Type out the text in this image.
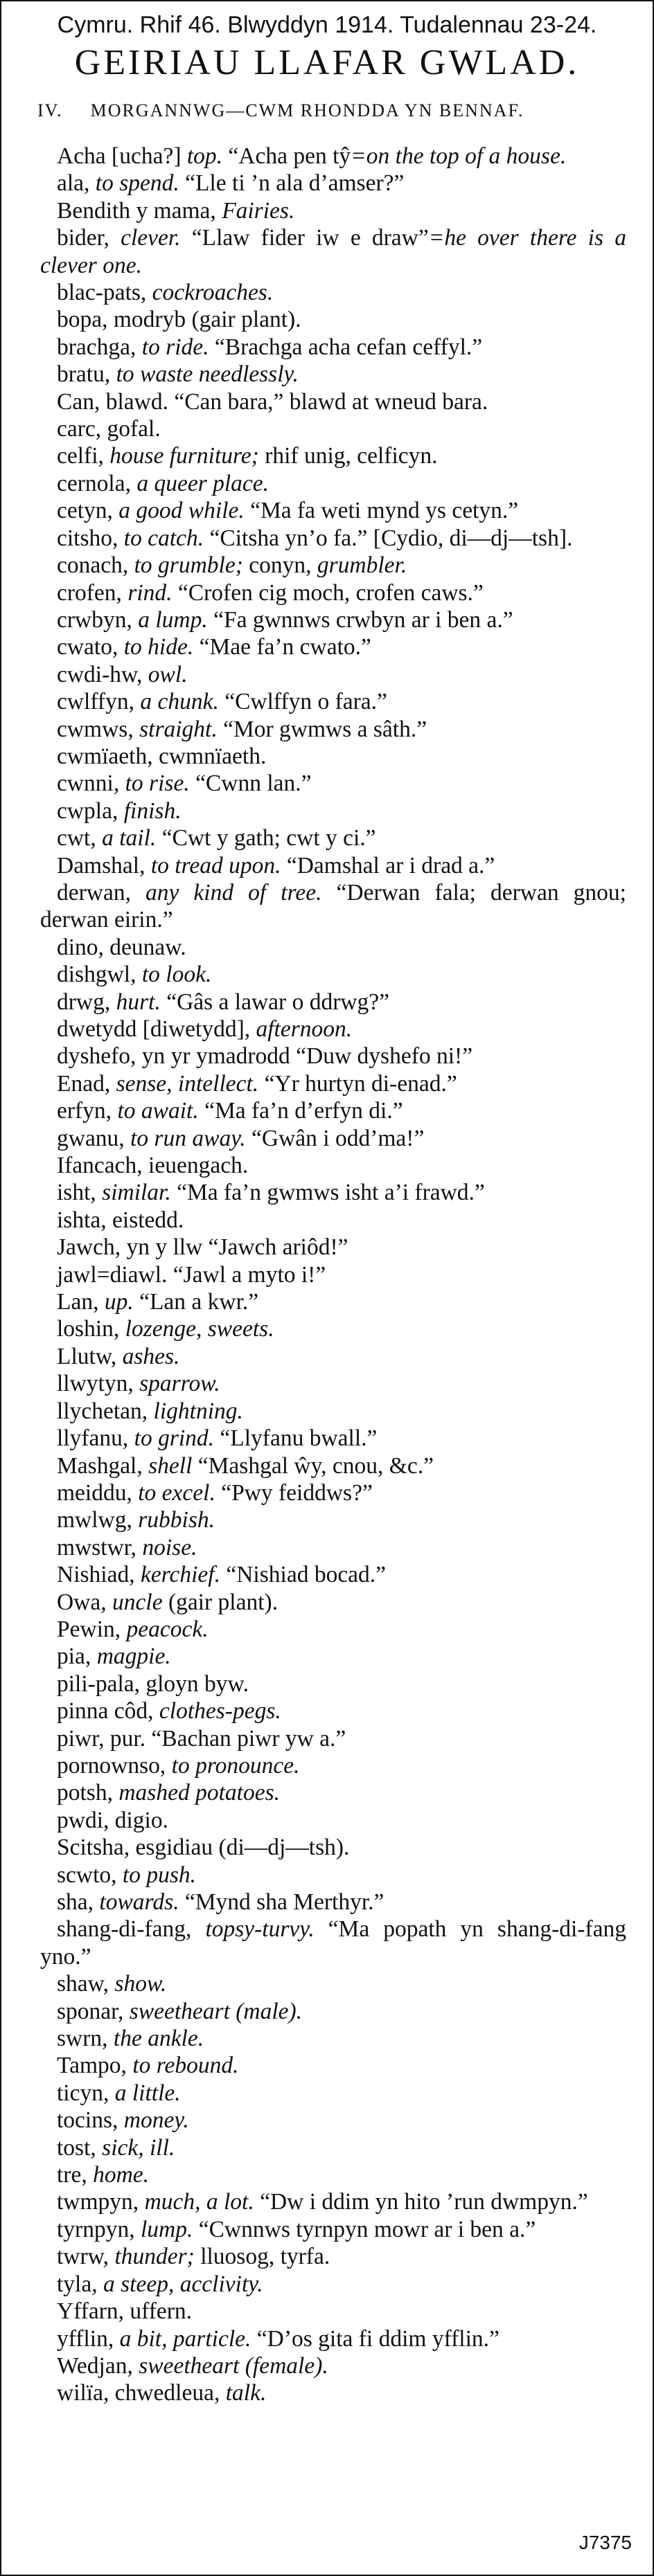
Cymru. Rhif 46. Blwyddyn 1914. Tudalennau 23-24.
GEIRIAU LLAFAR GWLAD.
IV. MORGANNWG—CWM RHONDDA YN BENNAF.
Acha [ucha?] top. “Acha pen tŷ=on the top of a house.
ala, to spend. “Lle ti ’n ala d’amser?”
Bendith y mama, Fairies.
bider, clever. “Llaw fider iw e draw”=he over there is a clever one.
blac-pats, cockroaches.
bopa, modryb (gair plant).
brachga, to ride. “Brachga acha cefan ceffyl.”
bratu, to waste needlessly.
Can, blawd. “Can bara,” blawd at wneud bara.
carc, gofal.
celfi, house furniture; rhif unig, celficyn.
cernola, a queer place.
cetyn, a good while. “Ma fa weti mynd ys cetyn.”
citsho, to catch. “Citsha yn’o fa.” [Cydio, di—dj—tsh].
conach, to grumble; conyn, grumbler.
crofen, rind. “Crofen cig moch, crofen caws.”
crwbyn, a lump. “Fa gwnnws crwbyn ar i ben a.”
cwato, to hide. “Mae fa’n cwato.”
cwdi-hw, owl.
cwlffyn, a chunk. “Cwlffyn o fara.”
cwmws, straight. “Mor gwmws a sâth.”
cwmïaeth, cwmnïaeth.
cwnni, to rise. “Cwnn lan.”
cwpla, finish.
cwt, a tail. “Cwt y gath; cwt y ci.”
Damshal, to tread upon. “Damshal ar i drad a.”
derwan, any kind of tree. “Derwan fala; derwan gnou; derwan eirin.”
dino, deunaw.
dishgwl, to look.
drwg, hurt. “Gâs a lawar o ddrwg?”
dwetydd [diwetydd], afternoon.
dyshefo, yn yr ymadrodd “Duw dyshefo ni!”
Enad, sense, intellect. “Yr hurtyn di-enad.”
erfyn, to await. “Ma fa’n d’erfyn di.”
gwanu, to run away. “Gwân i odd’ma!”
Ifancach, ieuengach.
isht, similar. “Ma fa’n gwmws isht a’i frawd.”
ishta, eistedd.
Jawch, yn y llw “Jawch ariôd!”
jawl=diawl. “Jawl a myto i!”
Lan, up. “Lan a kwr.”
loshin, lozenge, sweets.
Llutw, ashes.
llwytyn, sparrow.
llychetan, lightning.
llyfanu, to grind. “Llyfanu bwall.”
Mashgal, shell “Mashgal ŵy, cnou, &c.”
meiddu, to excel. “Pwy feiddws?”
mwlwg, rubbish.
mwstwr, noise.
Nishiad, kerchief. “Nishiad bocad.”
Owa, uncle (gair plant).
Pewin, peacock.
pia, magpie.
pili-pala, gloyn byw.
pinna côd, clothes-pegs.
piwr, pur. “Bachan piwr yw a.”
pornownso, to pronounce.
potsh, mashed potatoes.
pwdi, digio.
Scitsha, esgidiau (di—dj—tsh).
scwto, to push.
sha, towards. “Mynd sha Merthyr.”
shang-di-fang, topsy-turvy. “Ma popath yn shang-di-fang yno.”
shaw, show.
sponar, sweetheart (male).
swrn, the ankle.
Tampo, to rebound.
ticyn, a little.
tocins, money.
tost, sick, ill.
tre, home.
twmpyn, much, a lot. “Dw i ddim yn hito ’run dwmpyn.”
tyrnpyn, lump. “Cwnnws tyrnpyn mowr ar i ben a.”
twrw, thunder; lluosog, tyrfa.
tyla, a steep, acclivity.
Yffarn, uffern.
yfflin, a bit, particle. “D’os gita fi ddim yfflin.”
Wedjan, sweetheart (female).
wilïa, chwedleua, talk.
J7375
